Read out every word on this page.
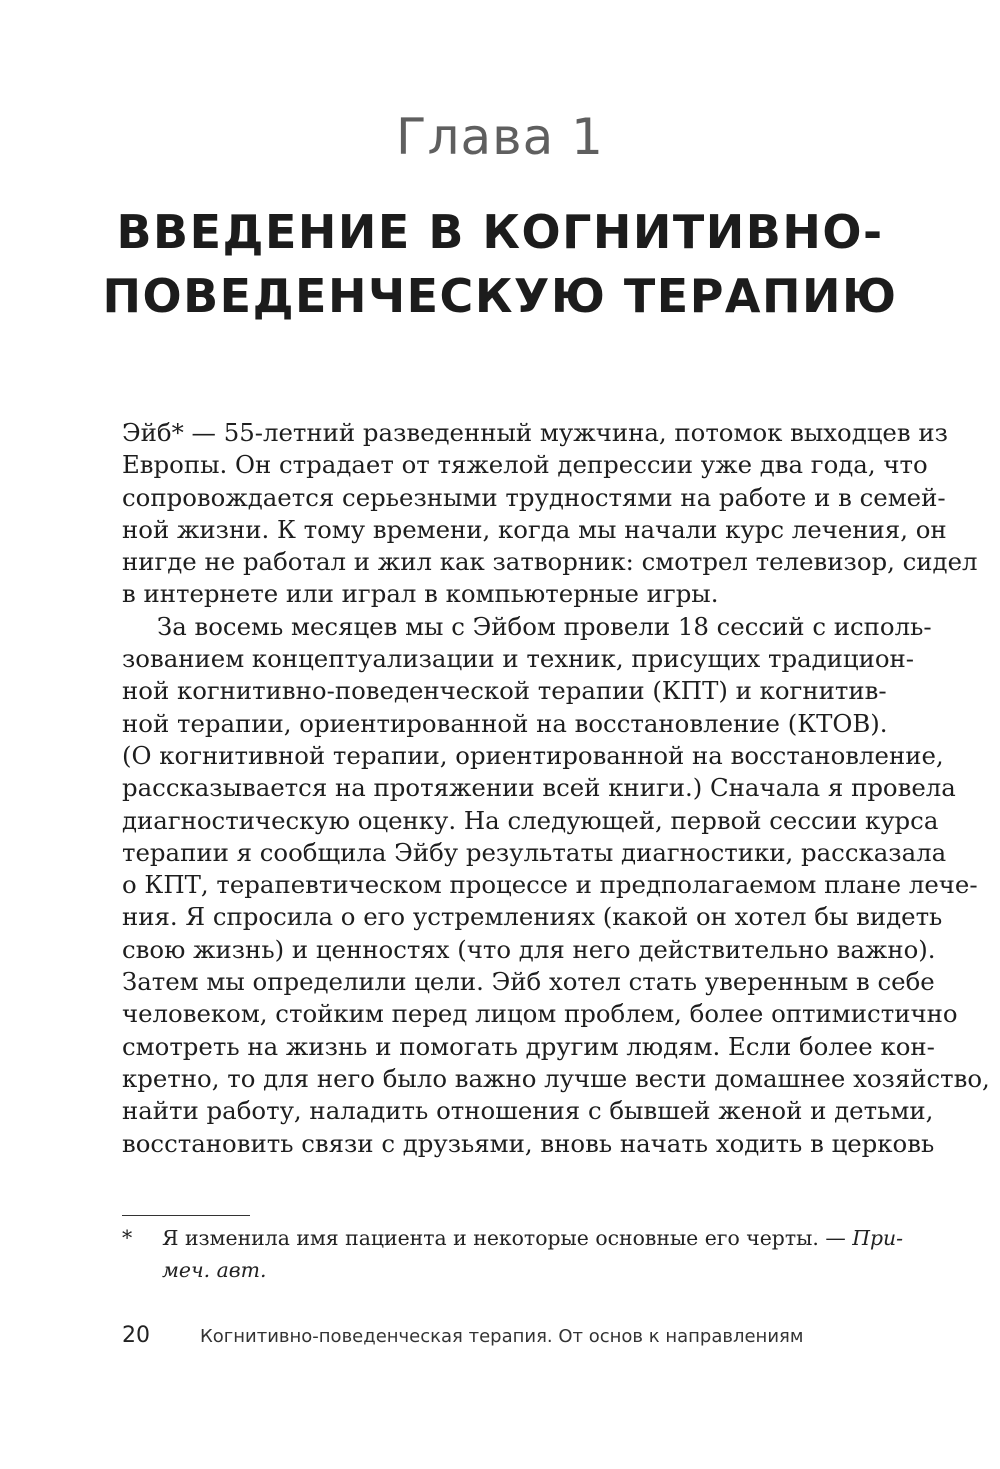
Глава 1
ВВЕДЕНИЕ В КОГНИТИВНО-
ПОВЕДЕНЧЕСКУЮ ТЕРАПИЮ
Эйб* — 55-летний разведенный мужчина, потомок выходцев из
Европы. Он страдает от тяжелой депрессии уже два года, что
сопровождается серьезными трудностями на работе и в семей-
ной жизни. К тому времени, когда мы начали курс лечения, он
нигде не работал и жил как затворник: смотрел телевизор, сидел
в интернете или играл в компьютерные игры.
За восемь месяцев мы с Эйбом провели 18 сессий с исполь-
зованием концептуализации и техник, присущих традицион-
ной когнитивно-поведенческой терапии (КПТ) и когнитив-
ной терапии, ориентированной на восстановление (КТОВ).
(О когнитивной терапии, ориентированной на восстановление,
рассказывается на протяжении всей книги.) Сначала я провела
диагностическую оценку. На следующей, первой сессии курса
терапии я сообщила Эйбу результаты диагностики, рассказала
о КПТ, терапевтическом процессе и предполагаемом плане лече-
ния. Я спросила о его устремлениях (какой он хотел бы видеть
свою жизнь) и ценностях (что для него действительно важно).
Затем мы определили цели. Эйб хотел стать уверенным в себе
человеком, стойким перед лицом проблем, более оптимистично
смотреть на жизнь и помогать другим людям. Если более кон-
кретно, то для него было важно лучше вести домашнее хозяйство,
найти работу, наладить отношения с бывшей женой и детьми,
восстановить связи с друзьями, вновь начать ходить в церковь
* Я изменила имя пациента и некоторые основные его черты. — При-
меч. авт.
20	Когнитивно-поведенческая терапия. От основ к направлениям
